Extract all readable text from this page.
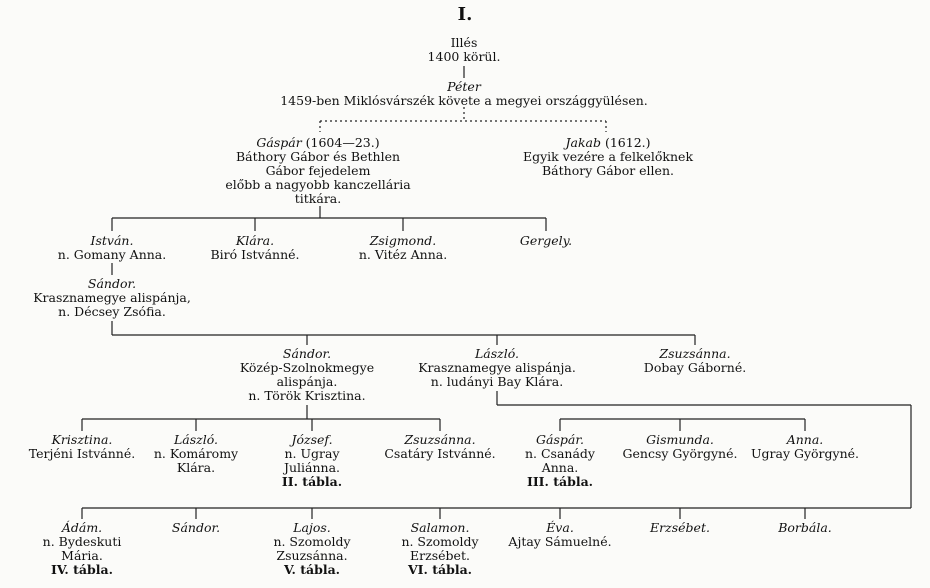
I.
Illés
1400 körül.
Péter
1459-ben Miklósvárszék követe a megyei országgyülésen.
Gáspár (1604—23.)
Báthory Gábor és Bethlen
Gábor fejedelem
előbb a nagyobb kanczellária
titkára.
Jakab (1612.)
Egyik vezére a felkelőknek
Báthory Gábor ellen.
István.
n. Gomany Anna.
Klára.
Biró Istvánné.
Zsigmond.
n. Vitéz Anna.
Gergely.
Sándor.
Krasznamegye alispánja,
n. Décsey Zsófia.
Sándor.
Közép-Szolnokmegye
alispánja.
n. Török Krisztina.
László.
Krasznamegye alispánja.
n. ludányi Bay Klára.
Zsuzsánna.
Dobay Gáborné.
Krisztina.
Terjéni Istvánné.
László.
n. Komáromy
Klára.
József.
n. Ugray
Juliánna.
II. tábla.
Zsuzsánna.
Csatáry Istvánné.
Gáspár.
n. Csanády
Anna.
III. tábla.
Gismunda.
Gencsy Györgyné.
Anna.
Ugray Györgyné.
Ádám.
n. Bydeskuti
Mária.
IV. tábla.
Sándor.	Lajos.
n. Szomoldy
Zsuzsánna.
V. tábla.
Salamon.
n. Szomoldy
Erzsébet.
VI. tábla.
Éva.
Ajtay Sámuelné.
Erzsébet.	Borbála.
